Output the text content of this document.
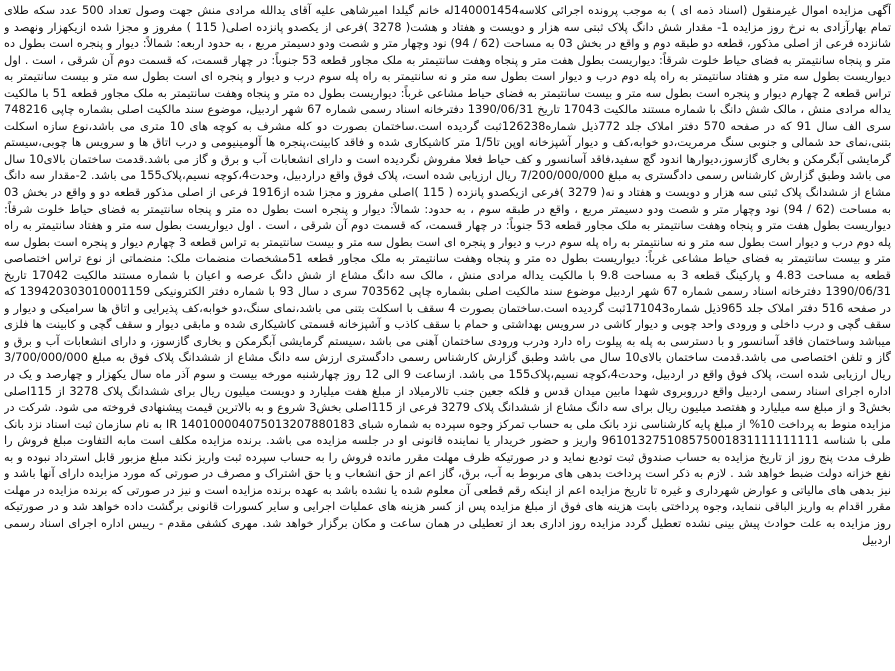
آگهی مزایده اموال غیرمنقول (اسناد ذمه ای ) به موجب پرونده اجرائی کلاسه140001454له خانم گیلدا امیرشاهی علیه آقای یدالله مرادی منش جهت وصول تعداد 500 عدد سکه طلای تمام بهارآزادی به نرخ روز مزایده 1- مقدار شش دانگ پلاک ثبتی سه هزار و دویست و هفتاد و هشت( 3278 )فرعی از یکصدو پانزده اصلی( 115 ) مفروز و مجزا شده ازیکهزار ونهصد و شانزده فرعی از اصلی مذکور، قطعه دو طبقه دوم و واقع در بخش 03 به مساحت (62 / 94) نود وچهار متر و شصت ودو دسیمتر مربع ، به حدود اربعه: شمالاً: دیوار و پنجره است بطول ده متر و پنجاه سانتیمتر به فضای حیاط خلوت شرقاً: دیواریست بطول هفت متر و پنجاه وهفت سانتیمتر به ملک مجاور قطعه 53 جنوباً: در چهار قسمت، که قسمت دوم آن شرقی ، است . اول دیواریست بطول سه متر و هفتاد سانتیمتر به راه پله دوم درب و دیوار است بطول سه متر و نه سانتیمتر به راه پله سوم درب و دیوار و پنجره ای است بطول سه متر و بیست سانتیمتر به تراس قطعه 2 چهارم دیوار و پنجره است بطول سه متر و بیست سانتیمتر به فضای حیاط مشاعی غرباً: دیواریست بطول ده متر و پنجاه وهفت سانتیمتر به ملک مجاور قطعه 51 با مالکیت یداله مرادی منش ، مالک شش دانگ با شماره مستند مالکیت 17043 تاریخ 1390/06/31 دفترخانه اسناد رسمی شماره 67 شهر اردبیل، موضوع سند مالکیت اصلی بشماره چاپی 748216 سری الف سال 91 که در صفحه 570 دفتر املاک جلد 772ذیل شماره126238ثبت گردیده است.ساختمان بصورت دو کله مشرف به کوچه های 10 متری می باشد،نوع سازه اسکلت بتنی،نمای حد شمالی و جنوبی سنگ مرمریت،دو خوابه،کف و دیوار آشپزخانه اوپن تا1/5 متر کاشیکاری شده و فاقد کابینت،پنجره ها آلومینیومی و درب اتاق ها و سرویس ها چوبی،سیستم گرمایشی آبگرمکن و بخاری گازسوز،دیوارها اندود گچ سفید،فاقد آسانسور و کف حیاط فعلا مفروش نگردیده است و دارای انشعابات آب و برق و گاز می باشد.قدمت ساختمان بالای10 سال می باشد وطبق گزارش کارشناس رسمی دادگستری به مبلغ 7/200/000/000 ریال ارزیابی شده است، پلاک فوق واقع دراردبیل، وحدت4،کوچه نسیم،پلاک155 می باشد. 2-مقدار سه دانگ مشاع از ششدانگ پلاک ثبتی سه هزار و دویست و هفتاد و نه( 3279 )فرعی ازیکصدو پانزده ( 115 )اصلی مفروز و مجزا شده از1916 فرعی از اصلی مذکور قطعه دو و واقع در بخش 03 به مساحت (62 / 94) نود وچهار متر و شصت ودو دسیمتر مربع ، واقع در طبقه سوم ، به حدود: شمالاً: دیوار و پنجره است بطول ده متر و پنجاه سانتیمتر به فضای حیاط خلوت شرقاً: دیواریست بطول هفت متر و پنجاه وهفت سانتیمتر به ملک مجاور قطعه 53 جنوباً: در چهار قسمت، که قسمت دوم آن شرقی ، است . اول دیواریست بطول سه متر و هفتاد سانتیمتر به راه پله دوم درب و دیوار است بطول سه متر و نه سانتیمتر به راه پله سوم درب و دیوار و پنجره ای است بطول سه متر و بیست سانتیمتر به تراس قطعه 3 چهارم دیوار و پنجره است بطول سه متر و بیست سانتیمتر به فضای حیاط مشاعی غرباً: دیواریست بطول ده متر و پنجاه وهفت سانتیمتر به ملک مجاور قطعه 51مشخصات منضمات ملک: منضماتی از نوع تراس اختصاصی قطعه به مساحت 4.83 و پارکینگ قطعه 3 به مساحت 9.8 با مالکیت یداله مرادی منش ، مالک سه دانگ مشاع از شش دانگ عرصه و اعیان با شماره مستند مالکیت 17042 تاریخ 1390/06/31 دفترخانه اسناد رسمی شماره 67 شهر اردبیل موضوع سند مالکیت اصلی بشماره چاپی 703562 سری د سال 93 با شماره دفتر الکترونیکی 139420303010001159 که در صفحه 516 دفتر املاک جلد 965ذیل شماره171043ثبت گردیده است.ساختمان بصورت 4 سقف با اسکلت بتنی می باشد،نمای سنگ،دو خوابه،کف پذیرایی و اتاق ها سرامیکی و دیوار و سقف گچی و درب داخلی و ورودی واحد چوبی و دیوار کاشی در سرویس بهداشتی و حمام با سقف کاذب و آشپزخانه قسمتی کاشیکاری شده و مابقی دیوار و سقف گچی و کابینت ها فلزی میباشد وساختمان فاقد آسانسور و با دسترسی به پله به پیلوت راه دارد ودرب ورودی ساختمان آهنی می باشد ،سیستم گرمایشی آبگرمکن و بخاری گازسوز، و دارای انشعابات آب و برق و گاز و تلفن اختصاصی می باشد.قدمت ساختمان بالای10 سال می باشد وطبق گزارش کارشناس رسمی دادگستری ارزش سه دانگ مشاع از ششدانگ پلاک فوق به مبلغ 3/700/000/000 ریال ارزیابی شده است، پلاک فوق واقع در اردبیل، وحدت4،کوچه نسیم،پلاک155 می باشد. ازساعت 9 الی 12 روز چهارشنبه مورخه بیست و سوم آذر ماه سال یکهزار و چهارصد و یک در اداره اجرای اسناد رسمی اردبیل واقع درروبروی شهدا مابین میدان قدس و فلکه جعین جنب تالارمیلاد از مبلغ هفت میلیارد و دویست میلیون ریال برای ششدانگ پلاک 3278 از 115اصلی بخش3 و از مبلغ سه میلیارد و هفتصد میلیون ریال برای سه دانگ مشاع از ششدانگ پلاک 3279 فرعی از 115اصلی بخش3 شروع و به بالاترین قیمت پیشنهادی فروخته می شود. شرکت در مزایده منوط به پرداخت 10% از مبلغ پایه کارشناسی نزد بانک ملی به حساب تمرکز وجوه سپرده به شماره شبای 140100004075013207880183 IR به نام سازمان ثبت اسناد نزد بانک ملی با شناسه 961013275108575001831111111111 واریز و حضور خریدار یا نماینده قانونی او در جلسه مزایده می باشد. برنده مزایده مکلف است مابه التفاوت مبلغ فروش را ظرف مدت پنج روز از تاریخ مزایده به حساب صندوق ثبت تودیع نماید و در صورتیکه ظرف مهلت مقرر مانده فروش را به حساب سپرده ثبت واریز نکند مبلغ مزبور قابل استرداد نبوده و به نفع خزانه دولت ضبط خواهد شد . لازم به ذکر است پرداخت بدهی های مربوط به آب، برق، گاز اعم از حق انشعاب و یا حق اشتراک و مصرف در صورتی که مورد مزایده دارای آنها باشد و نیز بدهی های مالیاتی و عوارض شهرداری و غیره تا تاریخ مزایده اعم از اینکه رقم قطعی آن معلوم شده یا نشده باشد به عهده برنده مزایده است و نیز در صورتی که برنده مزایده در مهلت مقرر اقدام به واریز الباقی ننماید، وجوه پرداختی بابت هزینه های فوق از مبلغ مزایده پس از کسر هزینه های عملیات اجرایی و سایر کسورات قانونی برگشت داده خواهد شد و در صورتیکه روز مزایده به علت حوادث پیش بینی نشده تعطیل گردد مزایده روز اداری بعد از تعطیلی در همان ساعت و مکان برگزار خواهد شد. مهری کشفی مقدم - رییس اداره اجرای اسناد رسمی اردبیل
